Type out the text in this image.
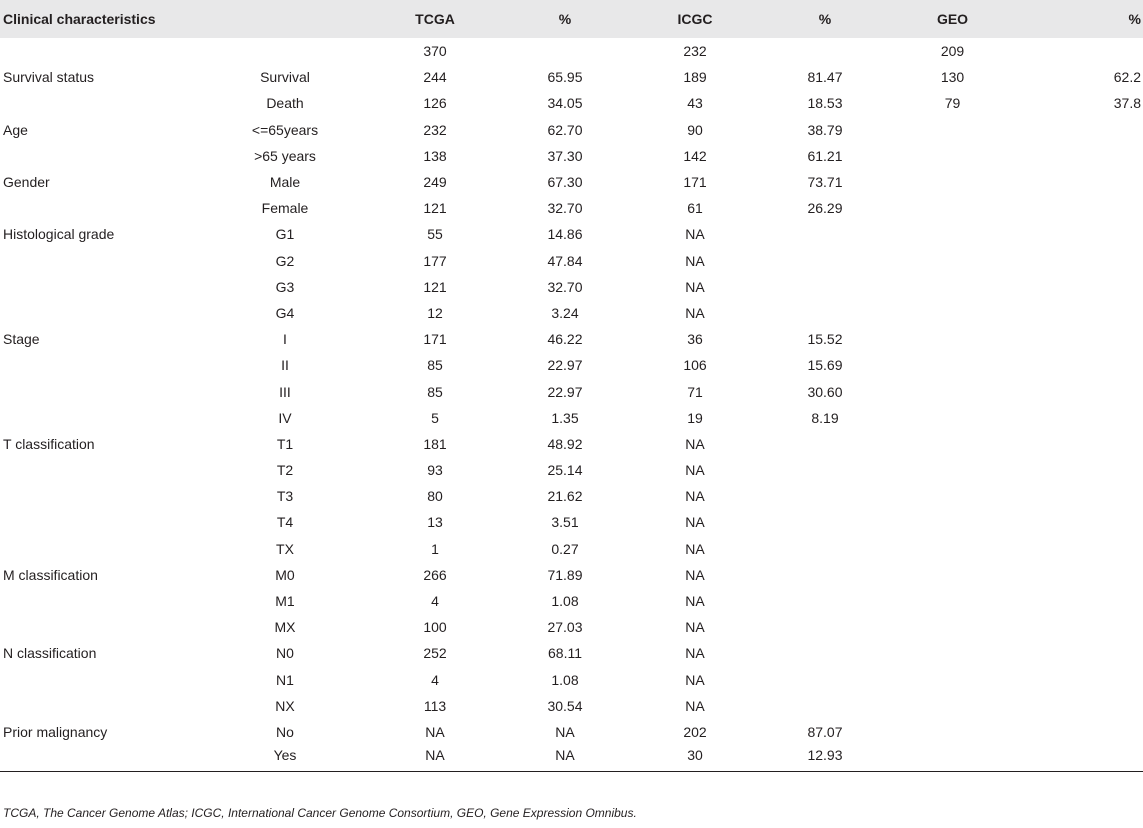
Clinical characteristics		TCGA	%	ICGC	%	GEO	%
		370		232		209	
Survival status	Survival	244	65.95	189	81.47	130	62.2
	Death	126	34.05	43	18.53	79	37.8
Age	<=65years	232	62.70	90	38.79		
	>65 years	138	37.30	142	61.21		
Gender	Male	249	67.30	171	73.71		
	Female	121	32.70	61	26.29		
Histological grade	G1	55	14.86	NA			
	G2	177	47.84	NA			
	G3	121	32.70	NA			
	G4	12	3.24	NA			
Stage	I	171	46.22	36	15.52		
	II	85	22.97	106	15.69		
	III	85	22.97	71	30.60		
	IV	5	1.35	19	8.19		
T classification	T1	181	48.92	NA			
	T2	93	25.14	NA			
	T3	80	21.62	NA			
	T4	13	3.51	NA			
	TX	1	0.27	NA			
M classification	M0	266	71.89	NA			
	M1	4	1.08	NA			
	MX	100	27.03	NA			
N classification	N0	252	68.11	NA			
	N1	4	1.08	NA			
	NX	113	30.54	NA			
Prior malignancy	No	NA	NA	202	87.07		
	Yes	NA	NA	30	12.93		
TCGA, The Cancer Genome Atlas; ICGC, International Cancer Genome Consortium, GEO, Gene Expression Omnibus.
